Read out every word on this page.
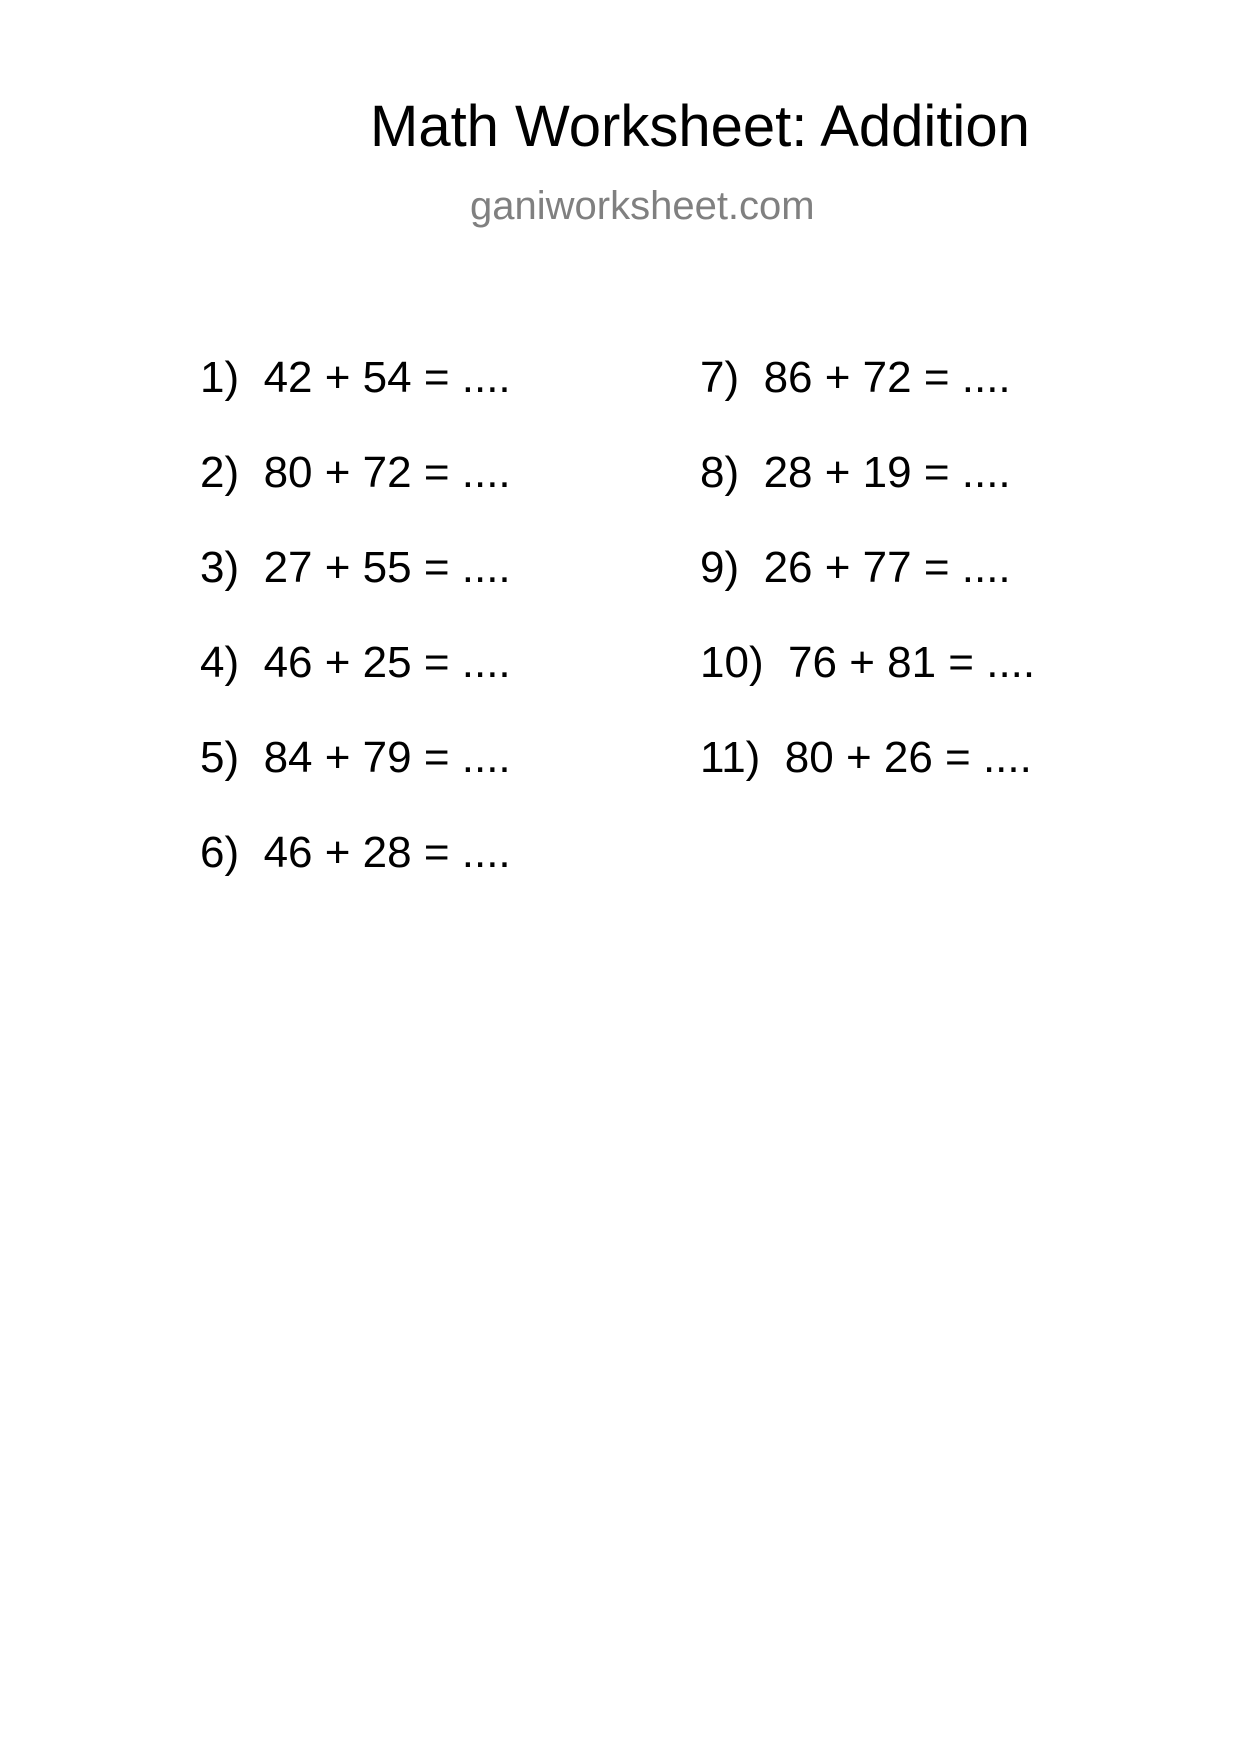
Math Worksheet: Addition
ganiworksheet.com
1) 42 + 54 = ....
2) 80 + 72 = ....
3) 27 + 55 = ....
4) 46 + 25 = ....
5) 84 + 79 = ....
6) 46 + 28 = ....
7) 86 + 72 = ....
8) 28 + 19 = ....
9) 26 + 77 = ....
10) 76 + 81 = ....
11) 80 + 26 = ....
